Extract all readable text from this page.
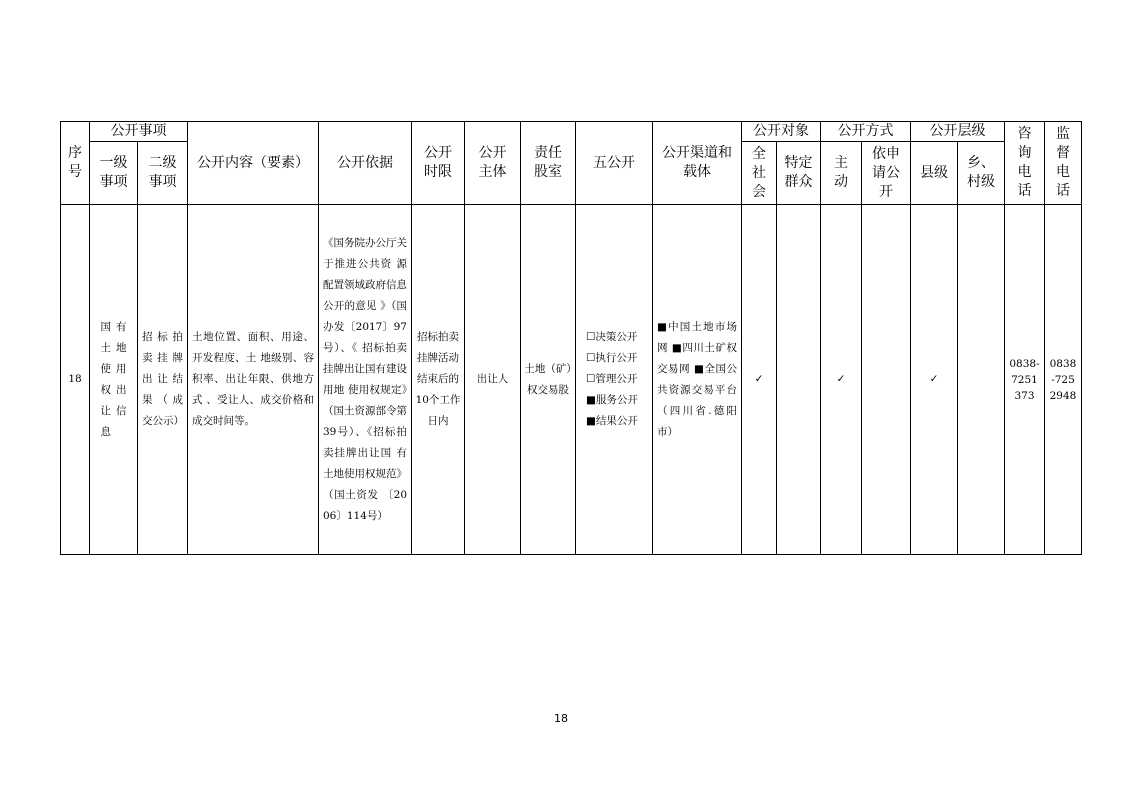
序号	公开事项		公开内容（要素）	公开依据	公开时限	公开主体	责任股室	五公开	公开渠道和载体	公开对象		公开方式		公开层级		咨询电话	监督电话

	一级事项	二级事项								全社会	特定群众	主动	依申请公开	县级	乡、村级		

18	国有土地使用权出让信息	招标拍卖挂牌出让结果（成交公示）	土地位置、面积、用途、开发程度、土 地级别、容积率、出让年限、供地方式 、受让人、成交价格和成交时间等。	《国务院办公厅关于推进公共资 源配置领域政府信息公开的意见 》（国办发〔2017〕97号）、《 招标拍卖挂牌出让国有建设用地 使用权规定》（国土资源部令第 39号）、《招标拍卖挂牌出让国 有土地使用权规范》（国土资发 〔2006〕114号）	招标拍卖挂牌活动结束后的10个工作日内	出让人	土地（矿）权交易股	☐决策公开
☐执行公开
☐管理公开
■服务公开
■结果公开	■中国土地市场网 ■四川土矿权交易网 ■全国公共资源交易平台（四川省.德阳市）	✓		✓		✓		0838-7251373	0838-7252948
18
